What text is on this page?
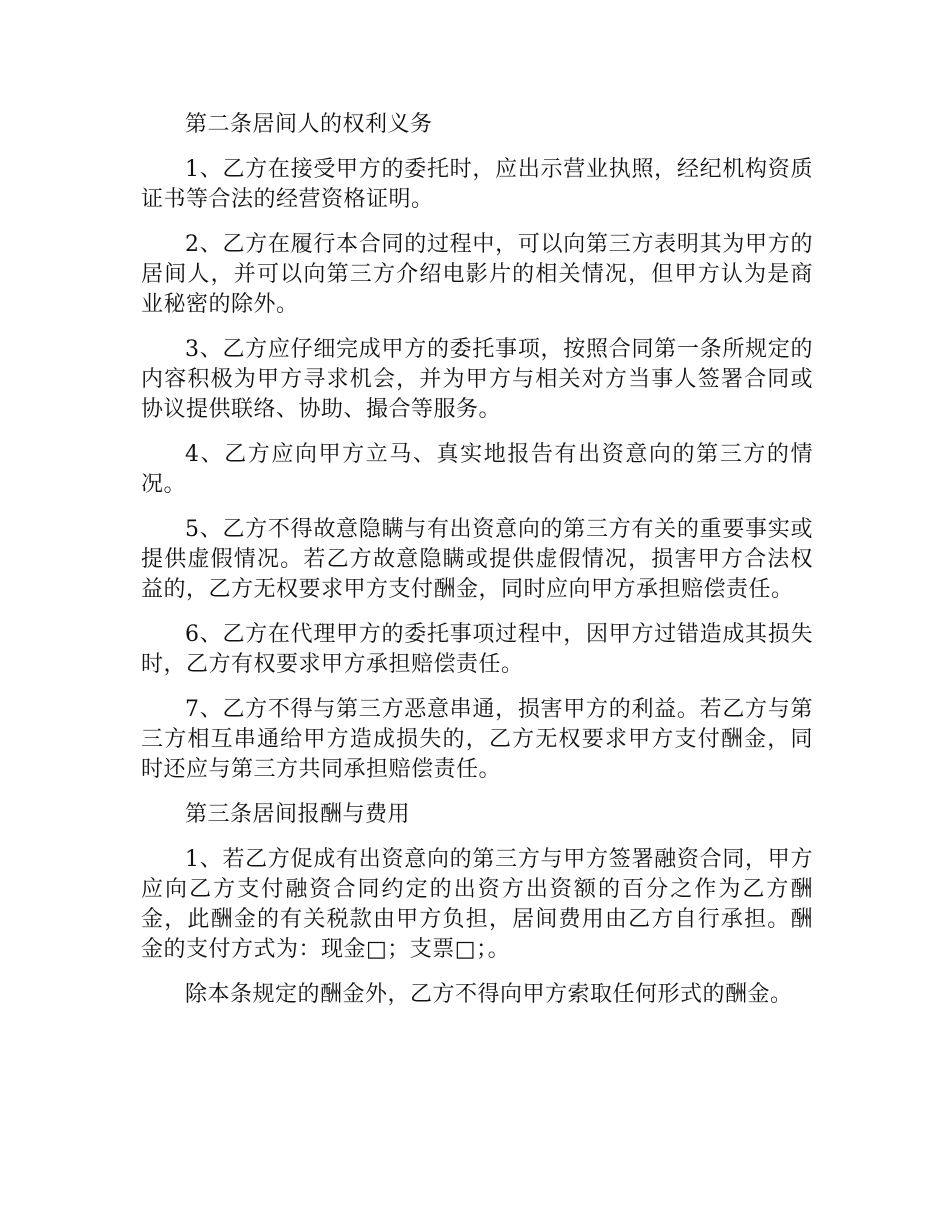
第二条居间人的权利义务

1、乙方在接受甲方的委托时，应出示营业执照，经纪机构资质证书等合法的经营资格证明。

2、乙方在履行本合同的过程中，可以向第三方表明其为甲方的居间人，并可以向第三方介绍电影片的相关情况，但甲方认为是商业秘密的除外。

3、乙方应仔细完成甲方的委托事项，按照合同第一条所规定的内容积极为甲方寻求机会，并为甲方与相关对方当事人签署合同或协议提供联络、协助、撮合等服务。

4、乙方应向甲方立马、真实地报告有出资意向的第三方的情况。

5、乙方不得故意隐瞒与有出资意向的第三方有关的重要事实或提供虚假情况。若乙方故意隐瞒或提供虚假情况，损害甲方合法权益的，乙方无权要求甲方支付酬金，同时应向甲方承担赔偿责任。

6、乙方在代理甲方的委托事项过程中，因甲方过错造成其损失时，乙方有权要求甲方承担赔偿责任。

7、乙方不得与第三方恶意串通，损害甲方的利益。若乙方与第三方相互串通给甲方造成损失的，乙方无权要求甲方支付酬金，同时还应与第三方共同承担赔偿责任。

第三条居间报酬与费用

1、若乙方促成有出资意向的第三方与甲方签署融资合同，甲方应向乙方支付融资合同约定的出资方出资额的百分之作为乙方酬金，此酬金的有关税款由甲方负担，居间费用由乙方自行承担。酬金的支付方式为：现金□；支票□；。

除本条规定的酬金外，乙方不得向甲方索取任何形式的酬金。
